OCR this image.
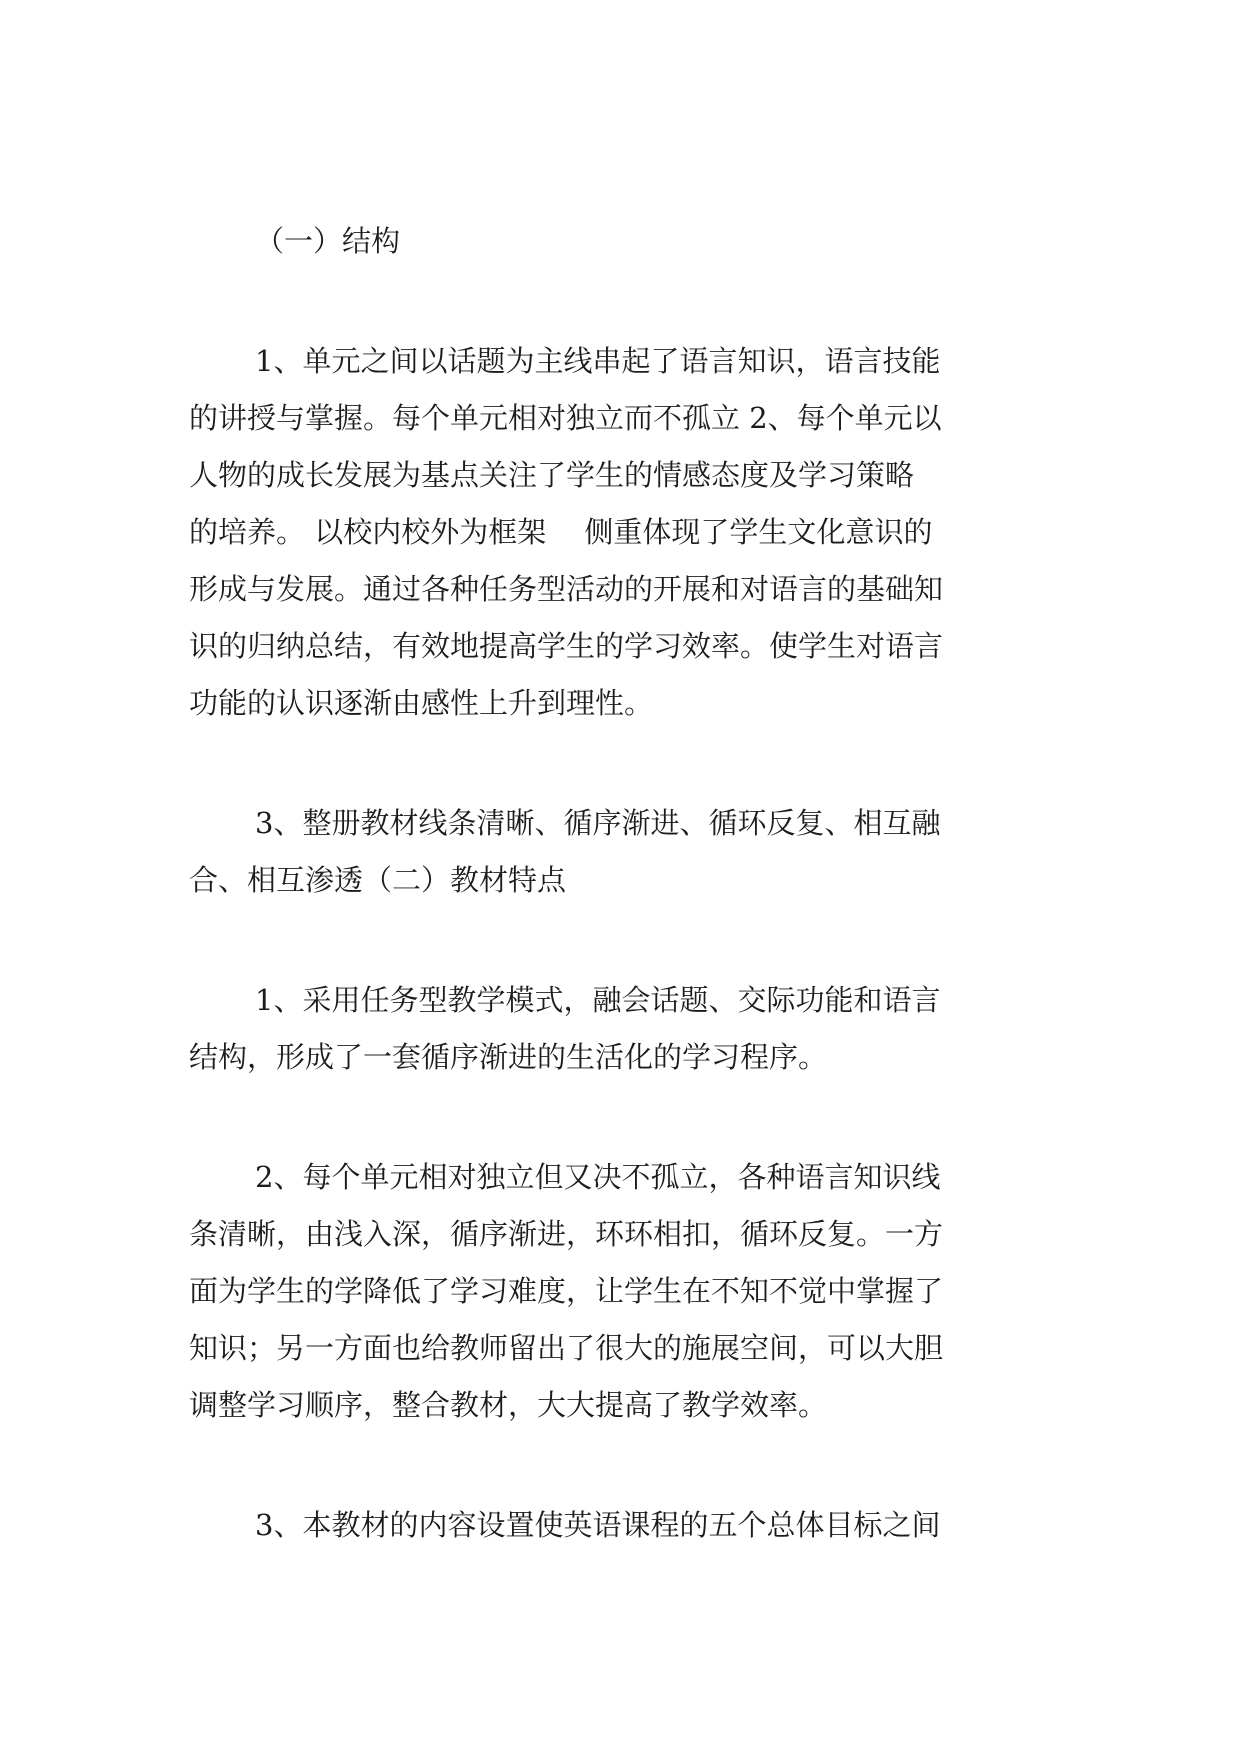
（一）结构
1、单元之间以话题为主线串起了语言知识，语言技能
的讲授与掌握。每个单元相对独立而不孤立 2、每个单元以
人物的成长发展为基点关注了学生的情感态度及学习策略
的培养。 以校内校外为框架　 侧重体现了学生文化意识的
形成与发展。通过各种任务型活动的开展和对语言的基础知
识的归纳总结，有效地提高学生的学习效率。使学生对语言
功能的认识逐渐由感性上升到理性。
3、整册教材线条清晰、循序渐进、循环反复、相互融
合、相互渗透（二）教材特点
1、采用任务型教学模式，融会话题、交际功能和语言
结构，形成了一套循序渐进的生活化的学习程序。
2、每个单元相对独立但又决不孤立，各种语言知识线
条清晰，由浅入深，循序渐进，环环相扣，循环反复。一方
面为学生的学降低了学习难度，让学生在不知不觉中掌握了
知识；另一方面也给教师留出了很大的施展空间，可以大胆
调整学习顺序，整合教材，大大提高了教学效率。
3、本教材的内容设置使英语课程的五个总体目标之间
